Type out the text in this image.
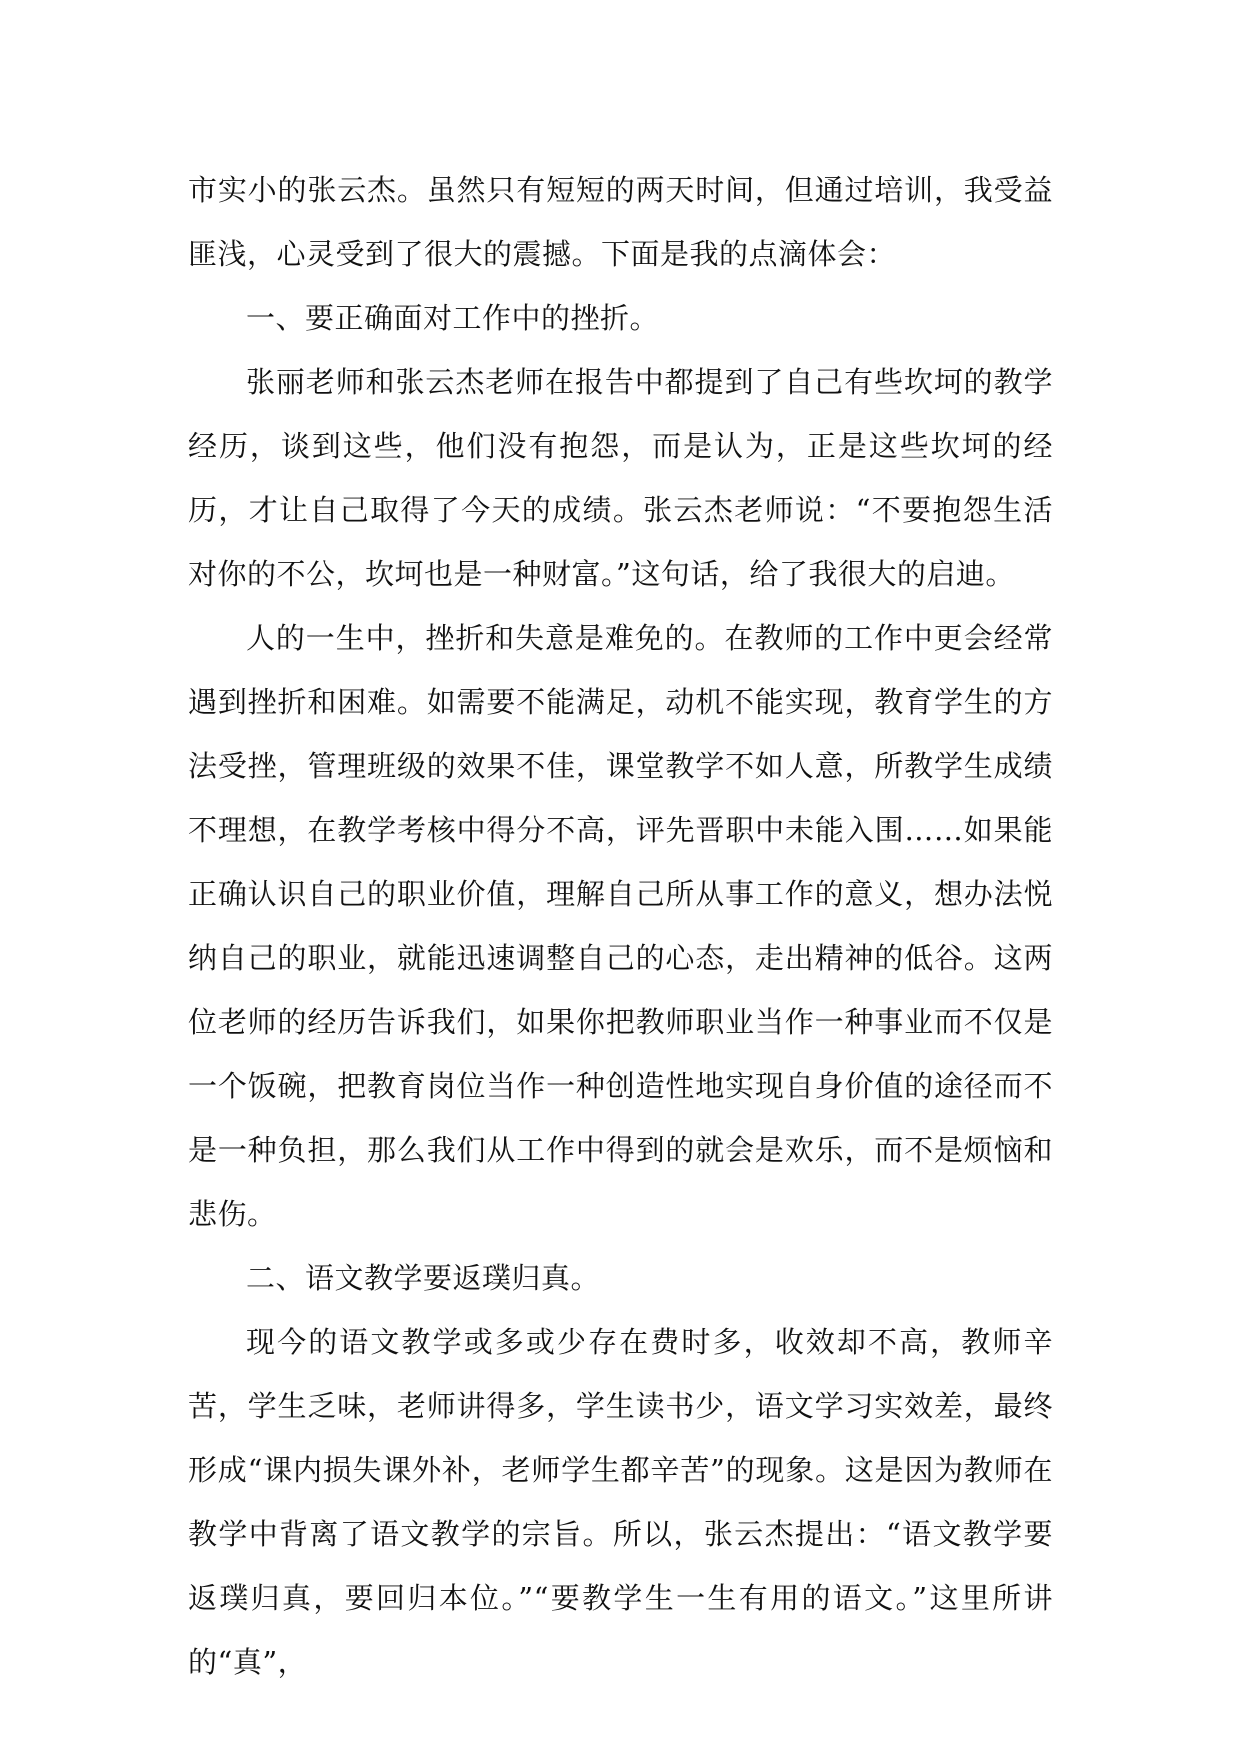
市实小的张云杰。虽然只有短短的两天时间，但通过培训，我受益匪浅，心灵受到了很大的震撼。下面是我的点滴体会：

一、要正确面对工作中的挫折。

张丽老师和张云杰老师在报告中都提到了自己有些坎坷的教学经历，谈到这些，他们没有抱怨，而是认为，正是这些坎坷的经历，才让自己取得了今天的成绩。张云杰老师说：“不要抱怨生活对你的不公，坎坷也是一种财富。”这句话，给了我很大的启迪。

人的一生中，挫折和失意是难免的。在教师的工作中更会经常遇到挫折和困难。如需要不能满足，动机不能实现，教育学生的方法受挫，管理班级的效果不佳，课堂教学不如人意，所教学生成绩不理想，在教学考核中得分不高，评先晋职中未能入围……如果能正确认识自己的职业价值，理解自己所从事工作的意义，想办法悦纳自己的职业，就能迅速调整自己的心态，走出精神的低谷。这两位老师的经历告诉我们，如果你把教师职业当作一种事业而不仅是一个饭碗，把教育岗位当作一种创造性地实现自身价值的途径而不是一种负担，那么我们从工作中得到的就会是欢乐，而不是烦恼和悲伤。

二、语文教学要返璞归真。

现今的语文教学或多或少存在费时多，收效却不高，教师辛苦，学生乏味，老师讲得多，学生读书少，语文学习实效差，最终形成“课内损失课外补，老师学生都辛苦”的现象。这是因为教师在教学中背离了语文教学的宗旨。所以，张云杰提出：“语文教学要返璞归真，要回归本位。”“要教学生一生有用的语文。”这里所讲的“真”，
